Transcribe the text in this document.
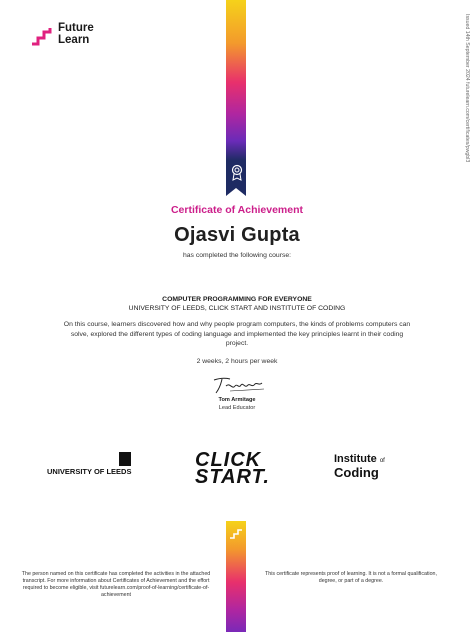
Future
Learn	Issued 14th September 2024 futurelearn.com/certificates/pwgbl3
Certificate of Achievement
Ojasvi Gupta
has completed the following course:
COMPUTER PROGRAMMING FOR EVERYONE
UNIVERSITY OF LEEDS, CLICK START AND INSTITUTE OF CODING
On this course, learners discovered how and why people program computers, the kinds of problems computers can solve, explored the different types of coding language and implemented the key principles learnt in their coding project.
2 weeks, 2 hours per week
Tom Armitage
Lead Educator
UNIVERSITY OF LEEDS
CLICK
START.
Institute of
Coding
The person named on this certificate has completed the activities in the attached transcript. For more information about Certificates of Achievement and the effort required to become eligible, visit futurelearn.com/proof-of-learning/certificate-of-achievement
This certificate represents proof of learning. It is not a formal qualification, degree, or part of a degree.
